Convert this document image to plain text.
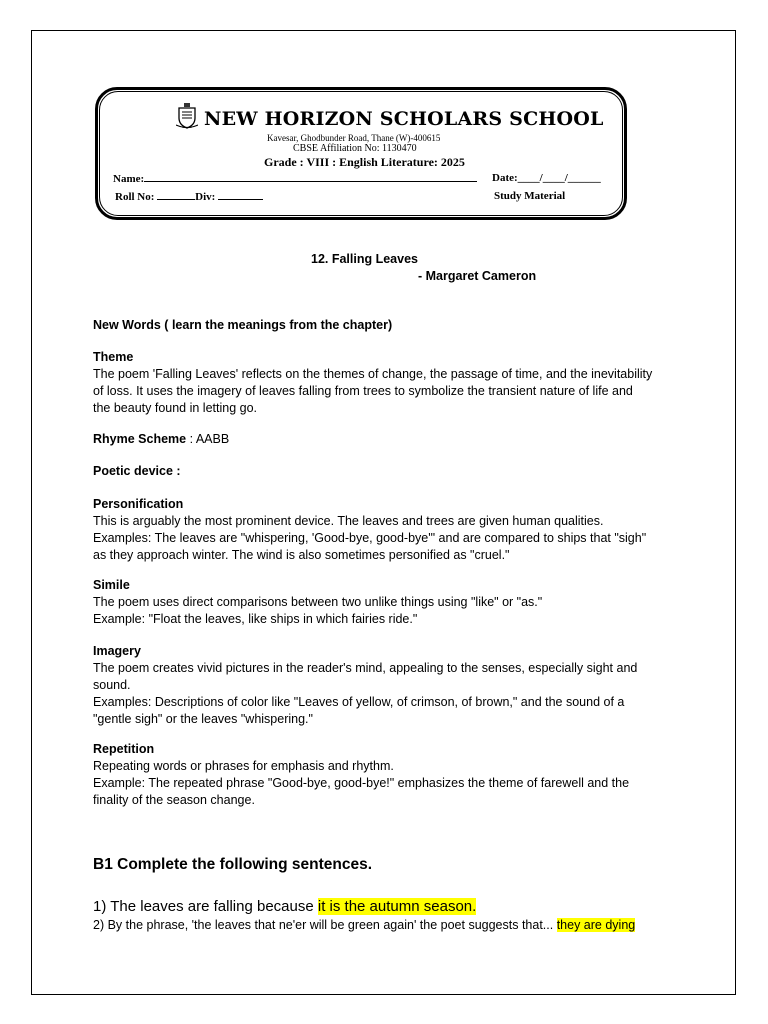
NEW HORIZON SCHOLARS SCHOOL
Kavesar, Ghodbunder Road, Thane (W)-400615
CBSE Affiliation No: 1130470
Grade : VIII : English Literature: 2025
Name:	Date:____/____/______
Roll No:	Div:	Study Material
12. Falling Leaves
- Margaret Cameron
New Words ( learn the meanings from the chapter)
Theme
The poem 'Falling Leaves' reflects on the themes of change, the passage of time, and the inevitability
of loss. It uses the imagery of leaves falling from trees to symbolize the transient nature of life and
the beauty found in letting go.
Rhyme Scheme : AABB
Poetic device :
Personification
This is arguably the most prominent device. The leaves and trees are given human qualities.
Examples: The leaves are "whispering, 'Good-bye, good-bye'" and are compared to ships that "sigh"
as they approach winter. The wind is also sometimes personified as "cruel."
Simile
The poem uses direct comparisons between two unlike things using "like" or "as."
Example: "Float the leaves, like ships in which fairies ride."
Imagery
The poem creates vivid pictures in the reader's mind, appealing to the senses, especially sight and
sound.
Examples: Descriptions of color like "Leaves of yellow, of crimson, of brown," and the sound of a
"gentle sigh" or the leaves "whispering."
Repetition
Repeating words or phrases for emphasis and rhythm.
Example: The repeated phrase "Good-bye, good-bye!" emphasizes the theme of farewell and the
finality of the season change.
B1 Complete the following sentences.
1) The leaves are falling because it is the autumn season.
2) By the phrase, 'the leaves that ne'er will be green again' the poet suggests that... they are dying
